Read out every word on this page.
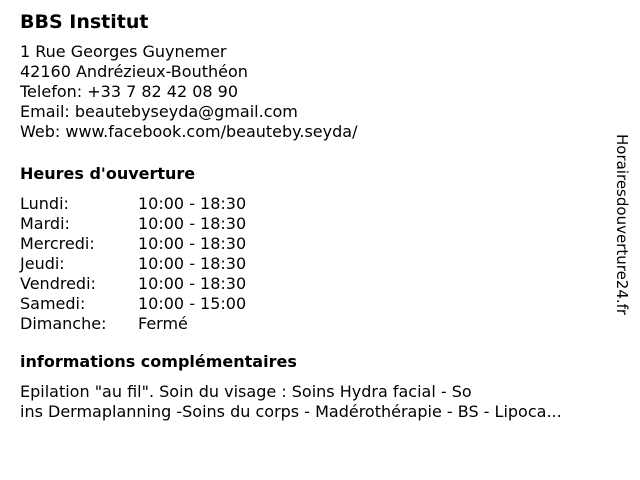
BBS Institut
1 Rue Georges Guynemer
42160 Andrézieux-Bouthéon
Telefon: +33 7 82 42 08 90
Email: beautebyseyda@gmail.com
Web: www.facebook.com/beauteby.seyda/
Heures d'ouverture
Lundi:	10:00 - 18:30
Mardi:	10:00 - 18:30
Mercredi:	10:00 - 18:30
Jeudi:	10:00 - 18:30
Vendredi:	10:00 - 18:30
Samedi:	10:00 - 15:00
Dimanche:	Fermé
informations complémentaires
Epilation "au fil". Soin du visage : Soins Hydra facial - So
ins Dermaplanning -Soins du corps - Madérothérapie - BS - Lipoca...
Horairesdouverture24.fr
